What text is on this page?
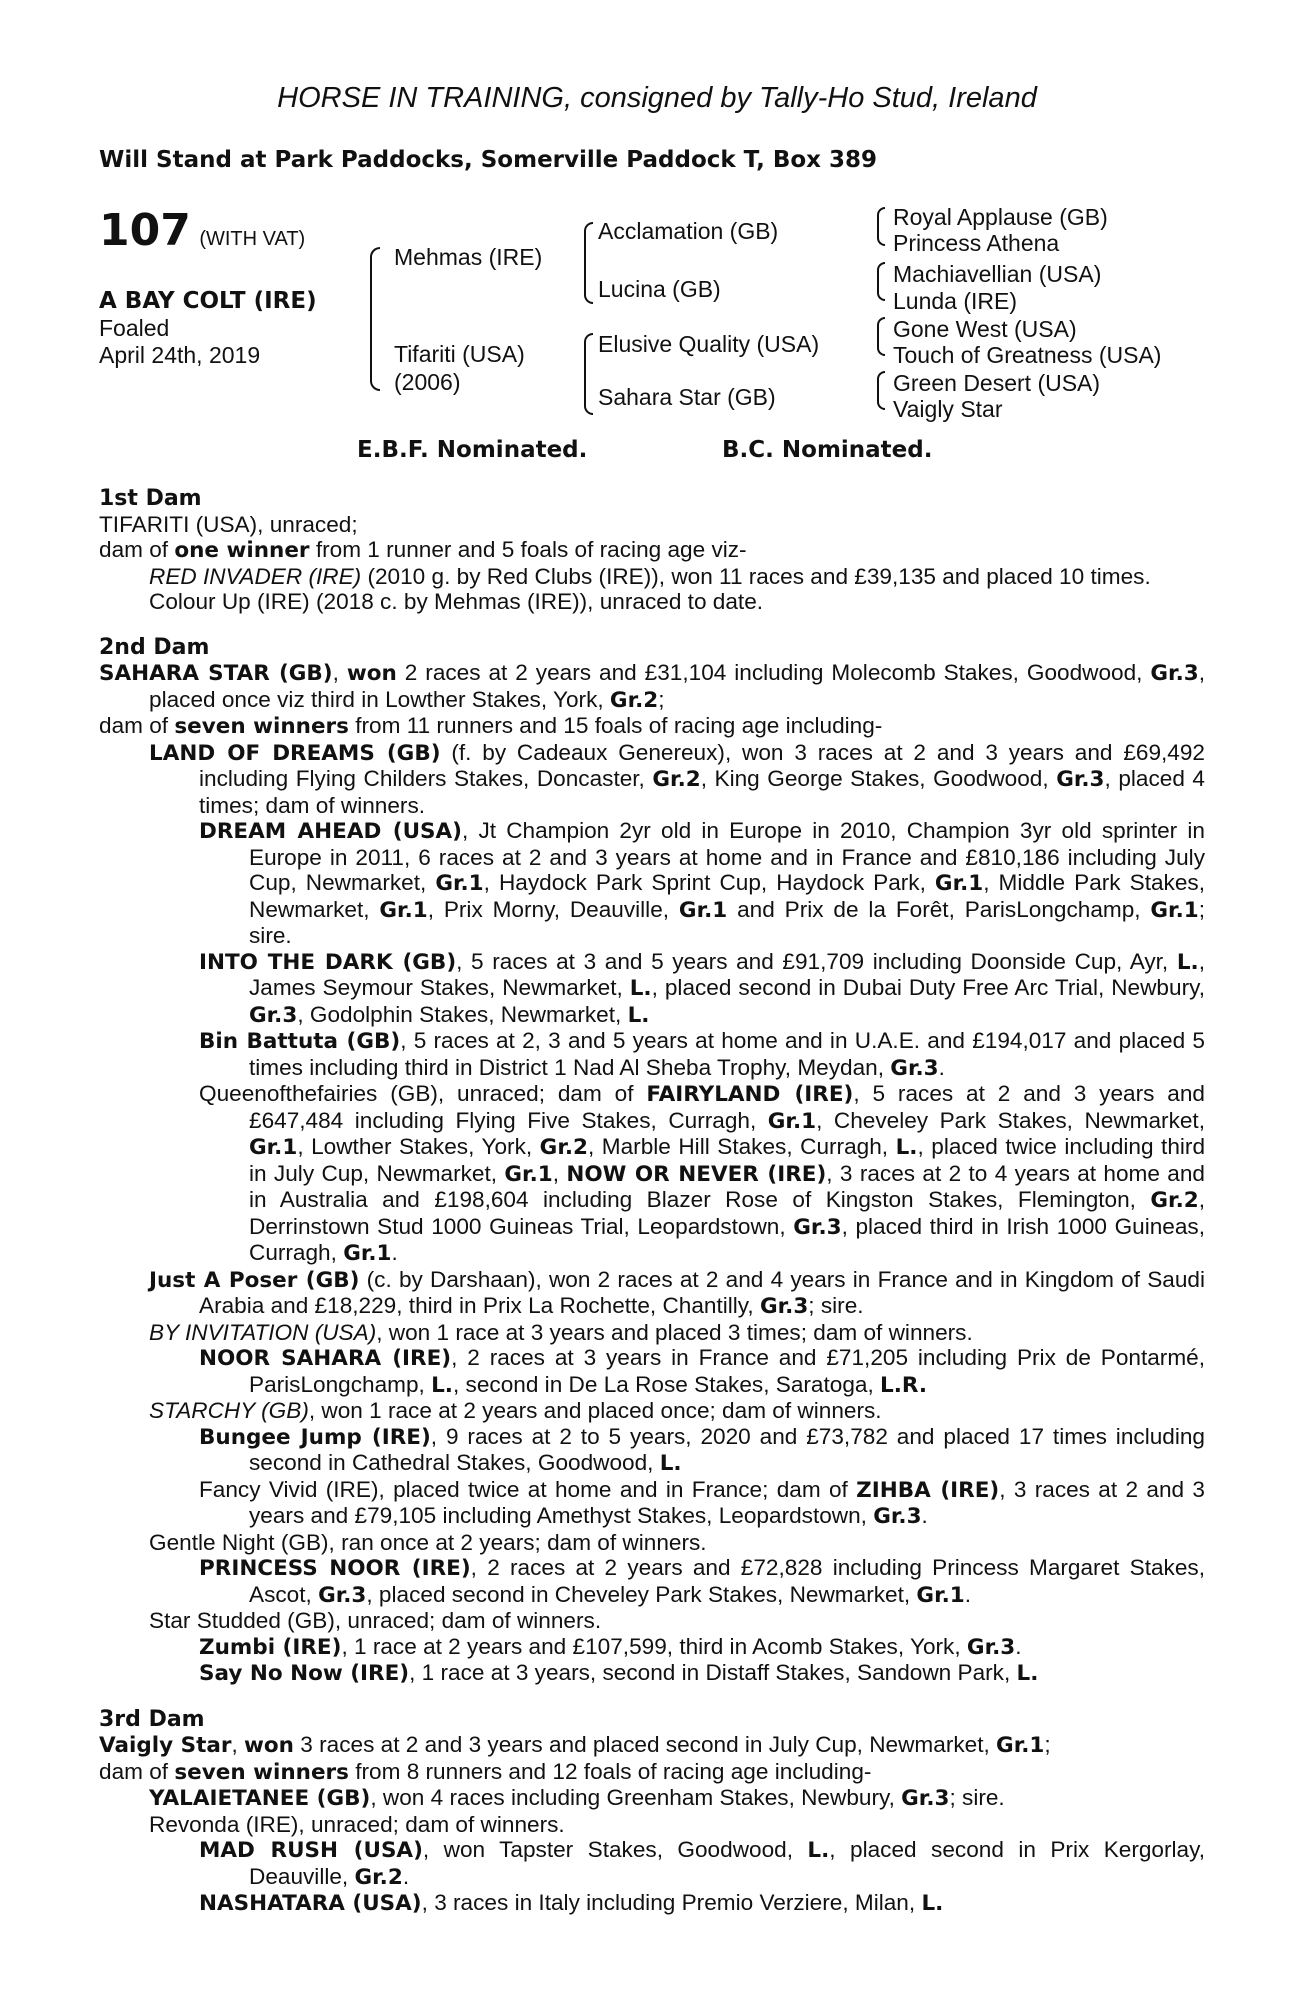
HORSE IN TRAINING, consigned by Tally-Ho Stud, Ireland
Will Stand at Park Paddocks, Somerville Paddock T, Box 389
107 (WITH VAT)
A BAY COLT (IRE)
Foaled
April 24th, 2019
Mehmas (IRE)
Tifariti (USA)
(2006)
Acclamation (GB)
Lucina (GB)
Elusive Quality (USA)
Sahara Star (GB)
Royal Applause (GB)
Princess Athena
Machiavellian (USA)
Lunda (IRE)
Gone West (USA)
Touch of Greatness (USA)
Green Desert (USA)
Vaigly Star
E.B.F. Nominated.	B.C. Nominated.

1st Dam

TIFARITI (USA), unraced;

dam of one winner from 1 runner and 5 foals of racing age viz-

RED INVADER (IRE) (2010 g. by Red Clubs (IRE)), won 11 races and £39,135 and placed 10 times.

Colour Up (IRE) (2018 c. by Mehmas (IRE)), unraced to date.

2nd Dam

SAHARA STAR (GB), won 2 races at 2 years and £31,104 including Molecomb Stakes, Goodwood, Gr.3, placed once viz third in Lowther Stakes, York, Gr.2;

dam of seven winners from 11 runners and 15 foals of racing age including-

LAND OF DREAMS (GB) (f. by Cadeaux Genereux), won 3 races at 2 and 3 years and £69,492 including Flying Childers Stakes, Doncaster, Gr.2, King George Stakes, Goodwood, Gr.3, placed 4 times; dam of winners.

DREAM AHEAD (USA), Jt Champion 2yr old in Europe in 2010, Champion 3yr old sprinter in Europe in 2011, 6 races at 2 and 3 years at home and in France and £810,186 including July Cup, Newmarket, Gr.1, Haydock Park Sprint Cup, Haydock Park, Gr.1, Middle Park Stakes, Newmarket, Gr.1, Prix Morny, Deauville, Gr.1 and Prix de la Forêt, ParisLongchamp, Gr.1; sire.

INTO THE DARK (GB), 5 races at 3 and 5 years and £91,709 including Doonside Cup, Ayr, L., James Seymour Stakes, Newmarket, L., placed second in Dubai Duty Free Arc Trial, Newbury, Gr.3, Godolphin Stakes, Newmarket, L.

Bin Battuta (GB), 5 races at 2, 3 and 5 years at home and in U.A.E. and £194,017 and placed 5 times including third in District 1 Nad Al Sheba Trophy, Meydan, Gr.3.

Queenofthefairies (GB), unraced; dam of FAIRYLAND (IRE), 5 races at 2 and 3 years and £647,484 including Flying Five Stakes, Curragh, Gr.1, Cheveley Park Stakes, Newmarket, Gr.1, Lowther Stakes, York, Gr.2, Marble Hill Stakes, Curragh, L., placed twice including third in July Cup, Newmarket, Gr.1, NOW OR NEVER (IRE), 3 races at 2 to 4 years at home and in Australia and £198,604 including Blazer Rose of Kingston Stakes, Flemington, Gr.2, Derrinstown Stud 1000 Guineas Trial, Leopardstown, Gr.3, placed third in Irish 1000 Guineas, Curragh, Gr.1.

Just A Poser (GB) (c. by Darshaan), won 2 races at 2 and 4 years in France and in Kingdom of Saudi Arabia and £18,229, third in Prix La Rochette, Chantilly, Gr.3; sire.

BY INVITATION (USA), won 1 race at 3 years and placed 3 times; dam of winners.

NOOR SAHARA (IRE), 2 races at 3 years in France and £71,205 including Prix de Pontarmé, ParisLongchamp, L., second in De La Rose Stakes, Saratoga, L.R.

STARCHY (GB), won 1 race at 2 years and placed once; dam of winners.

Bungee Jump (IRE), 9 races at 2 to 5 years, 2020 and £73,782 and placed 17 times including second in Cathedral Stakes, Goodwood, L.

Fancy Vivid (IRE), placed twice at home and in France; dam of ZIHBA (IRE), 3 races at 2 and 3 years and £79,105 including Amethyst Stakes, Leopardstown, Gr.3.

Gentle Night (GB), ran once at 2 years; dam of winners.

PRINCESS NOOR (IRE), 2 races at 2 years and £72,828 including Princess Margaret Stakes, Ascot, Gr.3, placed second in Cheveley Park Stakes, Newmarket, Gr.1.

Star Studded (GB), unraced; dam of winners.

Zumbi (IRE), 1 race at 2 years and £107,599, third in Acomb Stakes, York, Gr.3.

Say No Now (IRE), 1 race at 3 years, second in Distaff Stakes, Sandown Park, L.

3rd Dam

Vaigly Star, won 3 races at 2 and 3 years and placed second in July Cup, Newmarket, Gr.1;

dam of seven winners from 8 runners and 12 foals of racing age including-

YALAIETANEE (GB), won 4 races including Greenham Stakes, Newbury, Gr.3; sire.

Revonda (IRE), unraced; dam of winners.

MAD RUSH (USA), won Tapster Stakes, Goodwood, L., placed second in Prix Kergorlay, Deauville, Gr.2.

NASHATARA (USA), 3 races in Italy including Premio Verziere, Milan, L.
